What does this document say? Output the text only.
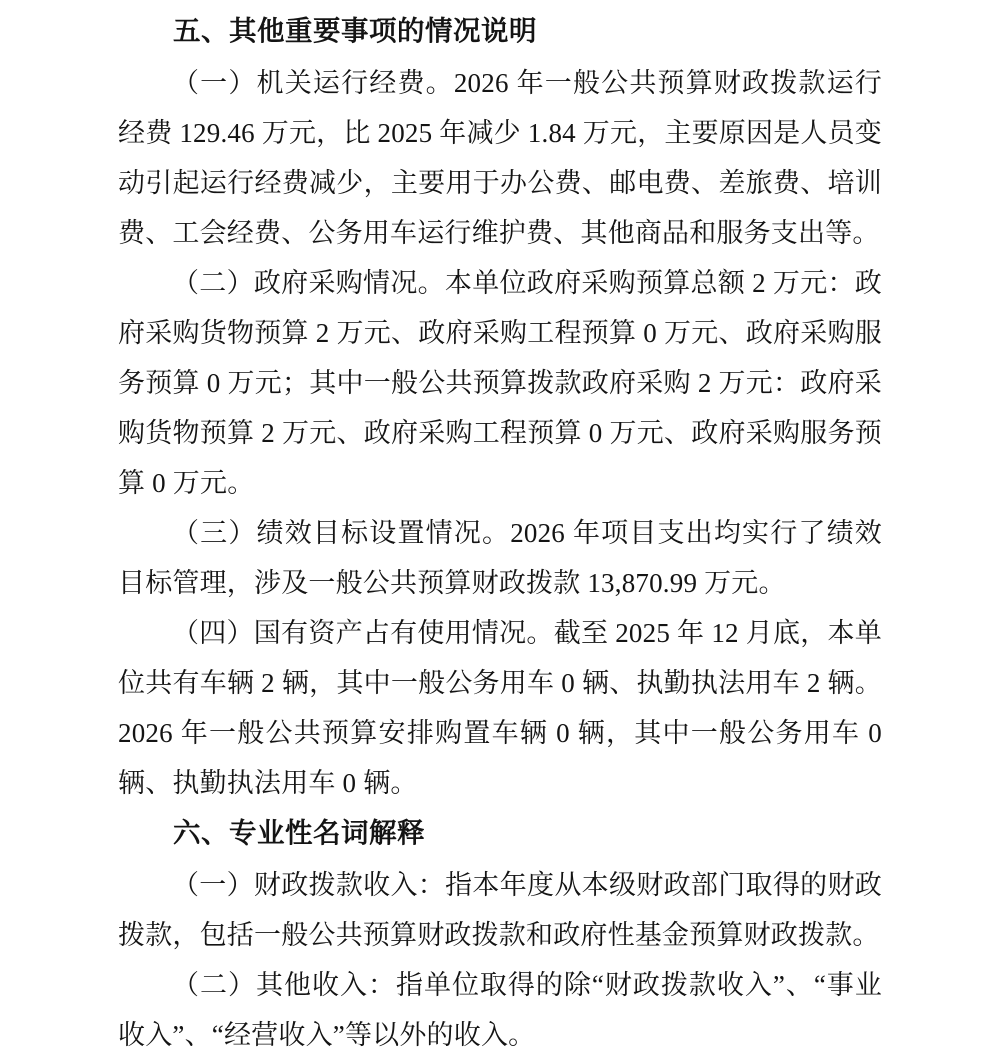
五、其他重要事项的情况说明

（一）机关运行经费。2026 年一般公共预算财政拨款运行经费 129.46 万元，比 2025 年减少 1.84 万元，主要原因是人员变动引起运行经费减少，主要用于办公费、邮电费、差旅费、培训费、工会经费、公务用车运行维护费、其他商品和服务支出等。

（二）政府采购情况。本单位政府采购预算总额 2 万元：政府采购货物预算 2 万元、政府采购工程预算 0 万元、政府采购服务预算 0 万元；其中一般公共预算拨款政府采购 2 万元：政府采购货物预算 2 万元、政府采购工程预算 0 万元、政府采购服务预算 0 万元。

（三）绩效目标设置情况。2026 年项目支出均实行了绩效目标管理，涉及一般公共预算财政拨款 13,870.99 万元。

（四）国有资产占有使用情况。截至 2025 年 12 月底，本单位共有车辆 2 辆，其中一般公务用车 0 辆、执勤执法用车 2 辆。2026 年一般公共预算安排购置车辆 0 辆，其中一般公务用车 0 辆、执勤执法用车 0 辆。

六、专业性名词解释

（一）财政拨款收入：指本年度从本级财政部门取得的财政拨款，包括一般公共预算财政拨款和政府性基金预算财政拨款。

（二）其他收入：指单位取得的除“财政拨款收入”、“事业收入”、“经营收入”等以外的收入。
